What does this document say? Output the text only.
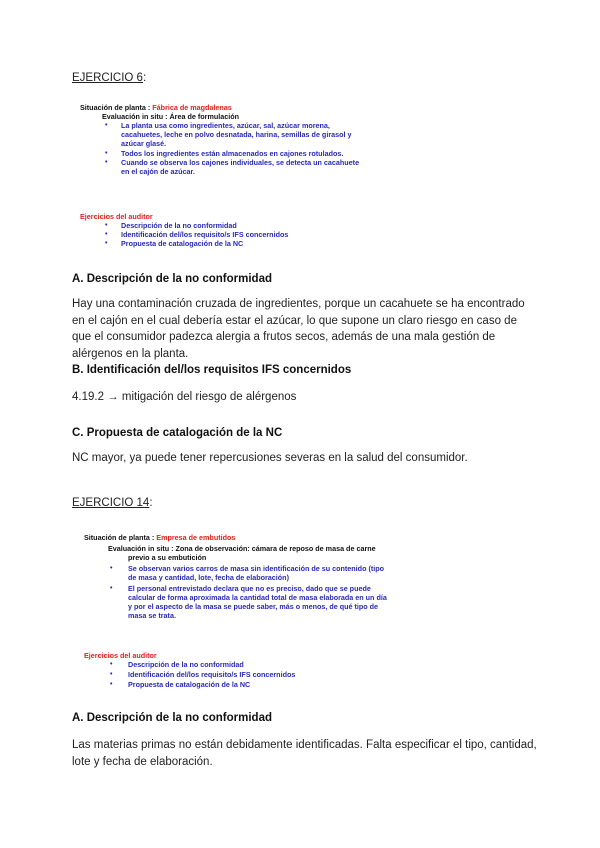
EJERCICIO 6:
Situación de planta : Fábrica de magdalenas
Evaluación in situ : Área de formulación
• La planta usa como ingredientes, azúcar, sal, azúcar morena,
cacahuetes, leche en polvo desnatada, harina, semillas de girasol y
azúcar glasé.
• Todos los ingredientes están almacenados en cajones rotulados.
• Cuando se observa los cajones individuales, se detecta un cacahuete
en el cajón de azúcar.
Ejercicios del auditor
• Descripción de la no conformidad
• Identificación del/los requisito/s IFS concernidos
• Propuesta de catalogación de la NC
A. Descripción de la no conformidad
Hay una contaminación cruzada de ingredientes, porque un cacahuete se ha encontrado en el cajón en el cual debería estar el azúcar, lo que supone un claro riesgo en caso de que el consumidor padezca alergia a frutos secos, además de una mala gestión de alérgenos en la planta.
B. Identificación del/los requisitos IFS concernidos
4.19.2 → mitigación del riesgo de alérgenos
C. Propuesta de catalogación de la NC
NC mayor, ya puede tener repercusiones severas en la salud del consumidor.
EJERCICIO 14:
Situación de planta : Empresa de embutidos
Evaluación in situ : Zona de observación: cámara de reposo de masa de carne
previo a su embutición
• Se observan varios carros de masa sin identificación de su contenido (tipo
de masa y cantidad, lote, fecha de elaboración)
• El personal entrevistado declara que no es preciso, dado que se puede
calcular de forma aproximada la cantidad total de masa elaborada en un día
y por el aspecto de la masa se puede saber, más o menos, de qué tipo de
masa se trata.
Ejercicios del auditor
• Descripción de la no conformidad
• Identificación del/los requisito/s IFS concernidos
• Propuesta de catalogación de la NC
A. Descripción de la no conformidad
Las materias primas no están debidamente identificadas. Falta especificar el tipo, cantidad, lote y fecha de elaboración.
